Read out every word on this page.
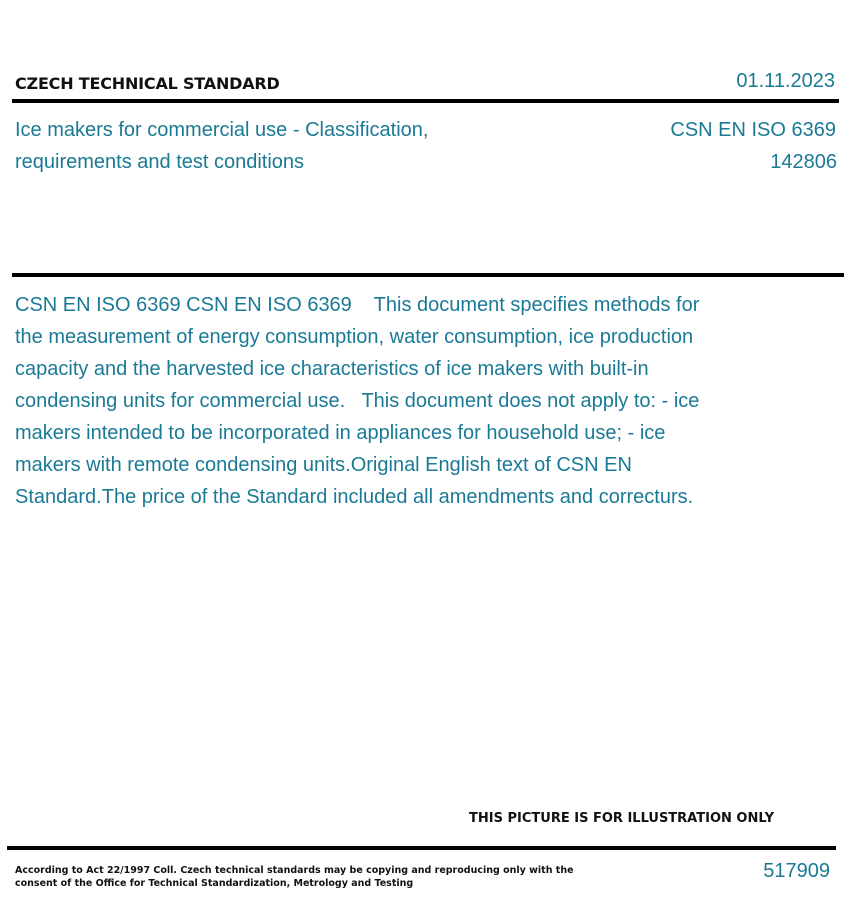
CZECH TECHNICAL STANDARD	01.11.2023
Ice makers for commercial use - Classification, requirements and test conditions
CSN EN ISO 6369
142806
CSN EN ISO 6369 CSN EN ISO 6369    This document specifies methods for the measurement of energy consumption, water consumption, ice production capacity and the harvested ice characteristics of ice makers with built-in condensing units for commercial use.   This document does not apply to: - ice makers intended to be incorporated in appliances for household use; - ice makers with remote condensing units.Original English text of CSN EN Standard.The price of the Standard included all amendments and correcturs.
THIS PICTURE IS FOR ILLUSTRATION ONLY
According to Act 22/1997 Coll. Czech technical standards may be copying and reproducing only with the consent of the Office for Technical Standardization, Metrology and Testing
517909
